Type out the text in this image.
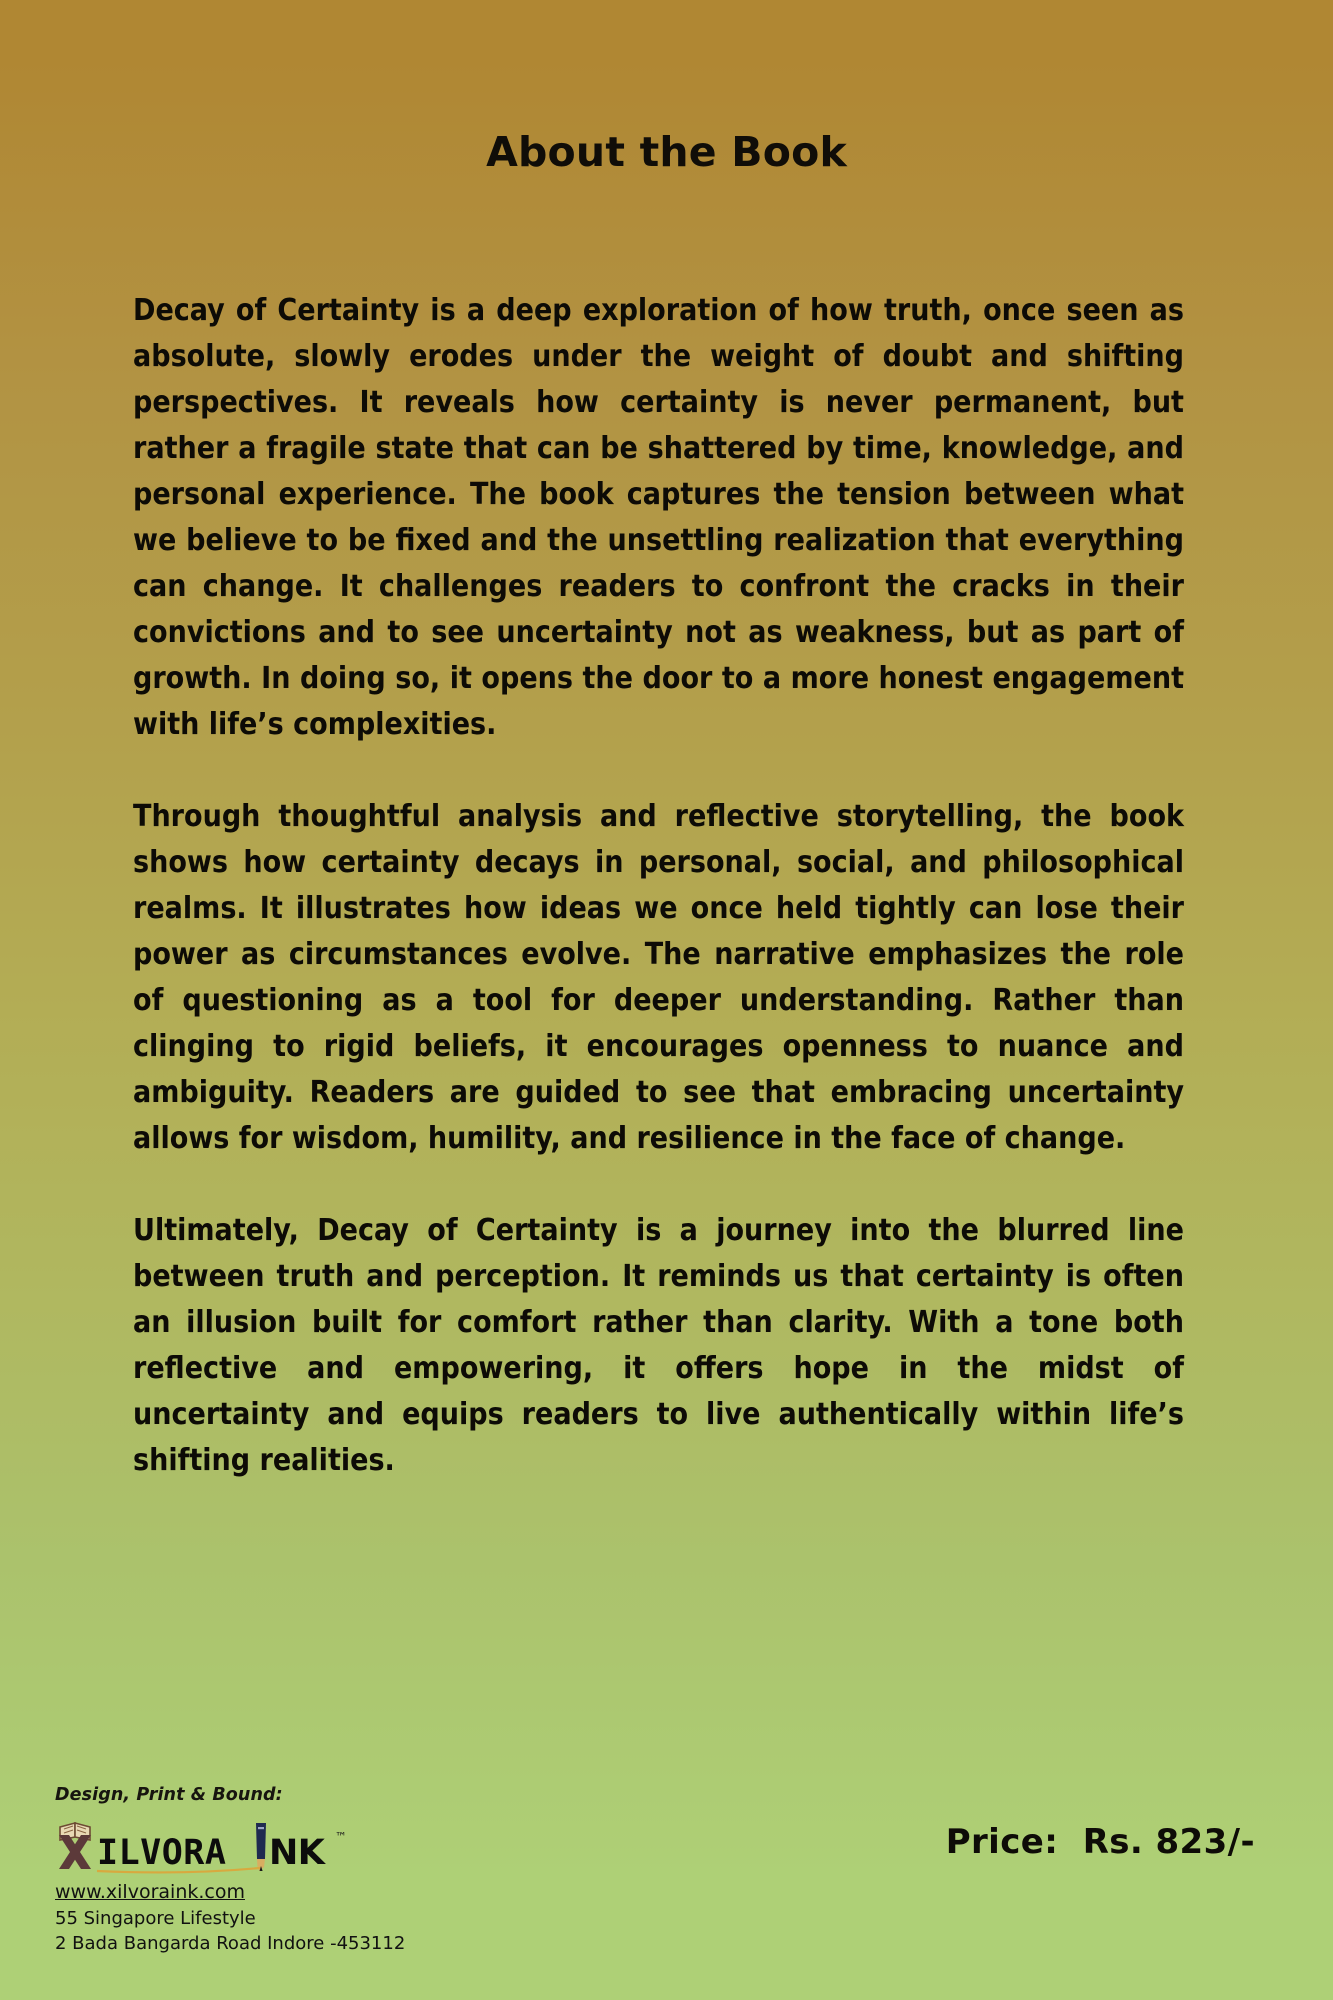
About the Book

Decay of Certainty is a deep exploration of how truth, once seen as absolute, slowly erodes under the weight of doubt and shifting perspectives. It reveals how certainty is never permanent, but rather a fragile state that can be shattered by time, knowledge, and personal experience. The book captures the tension between what we believe to be fixed and the unsettling realization that everything can change. It challenges readers to confront the cracks in their convictions and to see uncertainty not as weakness, but as part of growth. In doing so, it opens the door to a more honest engagement with life’s complexities.

Through thoughtful analysis and reflective storytelling, the book shows how certainty decays in personal, social, and philosophical realms. It illustrates how ideas we once held tightly can lose their power as circumstances evolve. The narrative emphasizes the role of questioning as a tool for deeper understanding. Rather than clinging to rigid beliefs, it encourages openness to nuance and ambiguity. Readers are guided to see that embracing uncertainty allows for wisdom, humility, and resilience in the face of change.

Ultimately, Decay of Certainty is a journey into the blurred line between truth and perception. It reminds us that certainty is often an illusion built for comfort rather than clarity. With a tone both reflective and empowering, it offers hope in the midst of uncertainty and equips readers to live authentically within life’s shifting realities.

Design, Print & Bound:
ILVORA NK ™
www.xilvoraink.com
55 Singapore Lifestyle
2 Bada Bangarda Road Indore -453112
Price:  Rs. 823/-
